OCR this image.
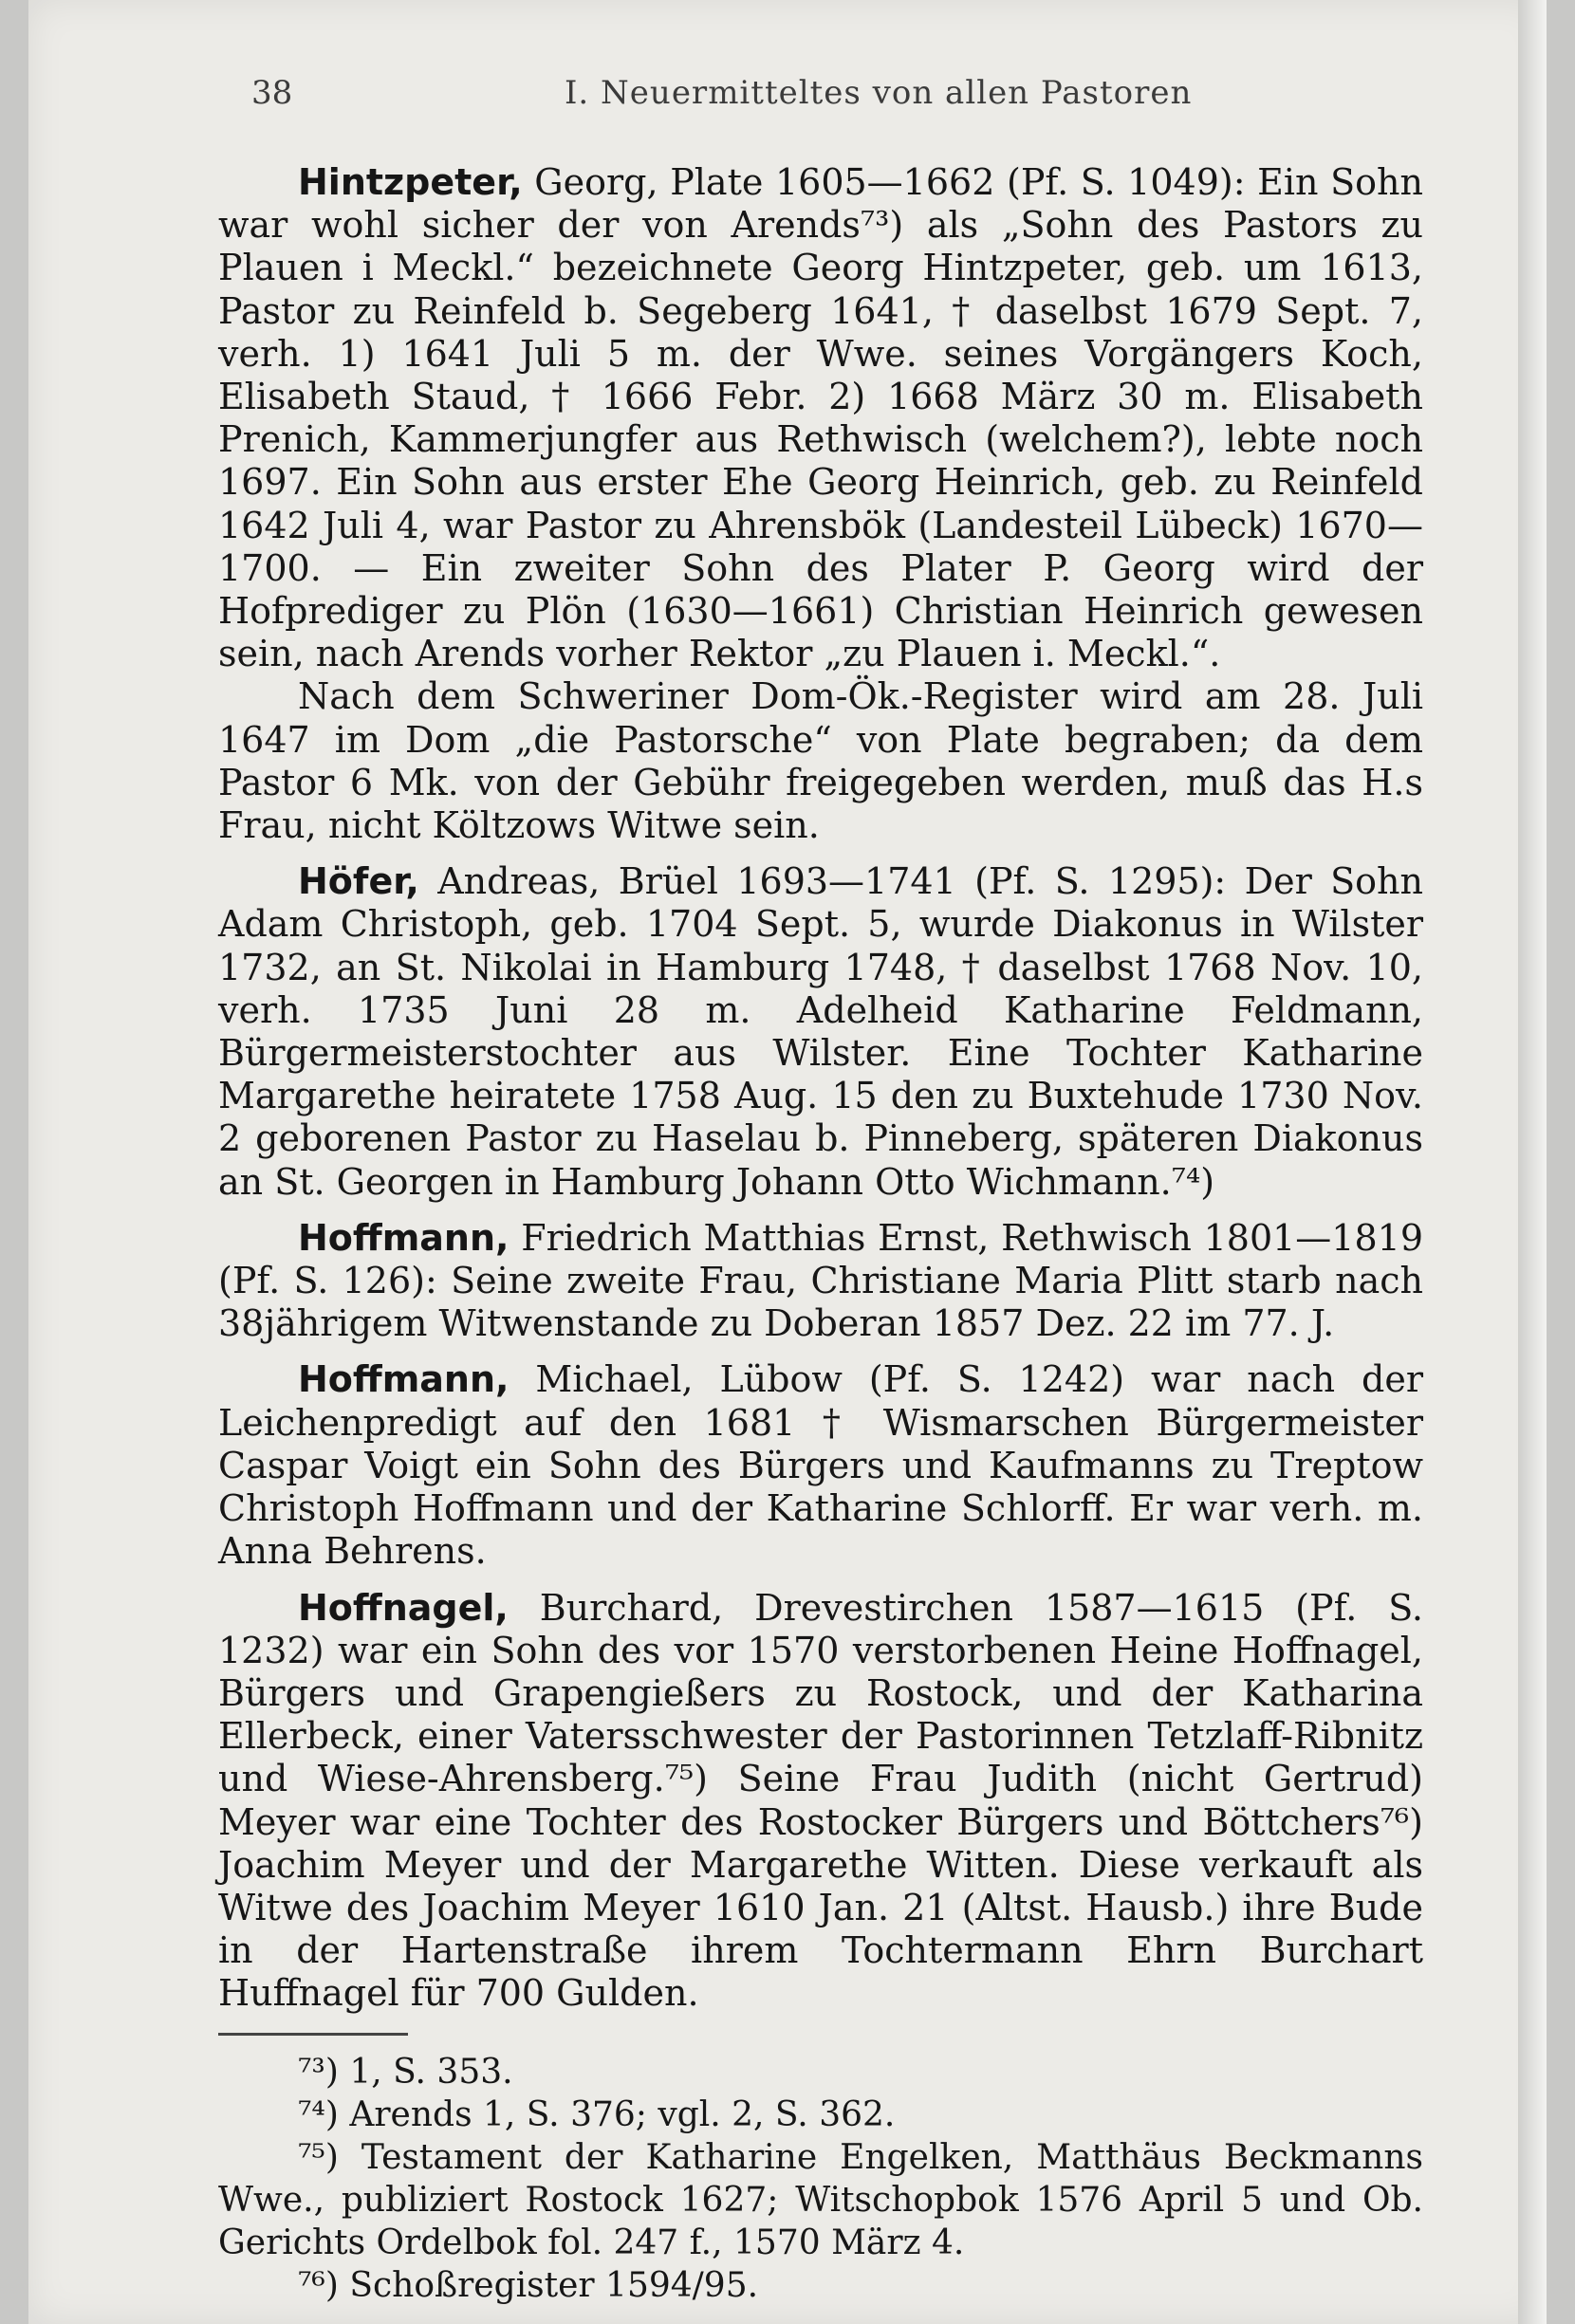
38	I. Neuermitteltes von allen Pastoren

Hintzpeter, Georg, Plate 1605—1662 (Pf. S. 1049): Ein Sohn war wohl sicher der von Arends⁷³) als „Sohn des Pastors zu Plauen i Meckl.“ bezeichnete Georg Hintzpeter, geb. um 1613, Pastor zu Reinfeld b. Segeberg 1641, † daselbst 1679 Sept. 7, verh. 1) 1641 Juli 5 m. der Wwe. seines Vorgängers Koch, Elisabeth Staud, † 1666 Febr. 2) 1668 März 30 m. Elisabeth Prenich, Kammerjungfer aus Rethwisch (welchem?), lebte noch 1697. Ein Sohn aus erster Ehe Georg Heinrich, geb. zu Reinfeld 1642 Juli 4, war Pastor zu Ahrensbök (Landesteil Lübeck) 1670—1700. — Ein zweiter Sohn des Plater P. Georg wird der Hofprediger zu Plön (1630—1661) Christian Heinrich gewesen sein, nach Arends vorher Rektor „zu Plauen i. Meckl.“.

Nach dem Schweriner Dom-Ök.-Register wird am 28. Juli 1647 im Dom „die Pastorsche“ von Plate begraben; da dem Pastor 6 Mk. von der Gebühr freigegeben werden, muß das H.s Frau, nicht Költzows Witwe sein.

Höfer, Andreas, Brüel 1693—1741 (Pf. S. 1295): Der Sohn Adam Christoph, geb. 1704 Sept. 5, wurde Diakonus in Wilster 1732, an St. Nikolai in Hamburg 1748, † daselbst 1768 Nov. 10, verh. 1735 Juni 28 m. Adelheid Katharine Feldmann, Bürgermeisterstochter aus Wilster. Eine Tochter Katharine Margarethe heiratete 1758 Aug. 15 den zu Buxtehude 1730 Nov. 2 geborenen Pastor zu Haselau b. Pinneberg, späteren Diakonus an St. Georgen in Hamburg Johann Otto Wichmann.⁷⁴)

Hoffmann, Friedrich Matthias Ernst, Rethwisch 1801—1819 (Pf. S. 126): Seine zweite Frau, Christiane Maria Plitt starb nach 38jährigem Witwenstande zu Doberan 1857 Dez. 22 im 77. J.

Hoffmann, Michael, Lübow (Pf. S. 1242) war nach der Leichenpredigt auf den 1681 † Wismarschen Bürgermeister Caspar Voigt ein Sohn des Bürgers und Kaufmanns zu Treptow Christoph Hoffmann und der Katharine Schlorff. Er war verh. m. Anna Behrens.

Hoffnagel, Burchard, Drevestirchen 1587—1615 (Pf. S. 1232) war ein Sohn des vor 1570 verstorbenen Heine Hoffnagel, Bürgers und Grapengießers zu Rostock, und der Katharina Ellerbeck, einer Vatersschwester der Pastorinnen Tetzlaff-Ribnitz und Wiese-Ahrensberg.⁷⁵) Seine Frau Judith (nicht Gertrud) Meyer war eine Tochter des Rostocker Bürgers und Böttchers⁷⁶) Joachim Meyer und der Margarethe Witten. Diese verkauft als Witwe des Joachim Meyer 1610 Jan. 21 (Altst. Hausb.) ihre Bude in der Hartenstraße ihrem Tochtermann Ehrn Burchart Huffnagel für 700 Gulden.

⁷³) 1, S. 353.

⁷⁴) Arends 1, S. 376; vgl. 2, S. 362.

⁷⁵) Testament der Katharine Engelken, Matthäus Beckmanns Wwe., publiziert Rostock 1627; Witschopbok 1576 April 5 und Ob. Gerichts Ordelbok fol. 247 f., 1570 März 4.

⁷⁶) Schoßregister 1594/95.
